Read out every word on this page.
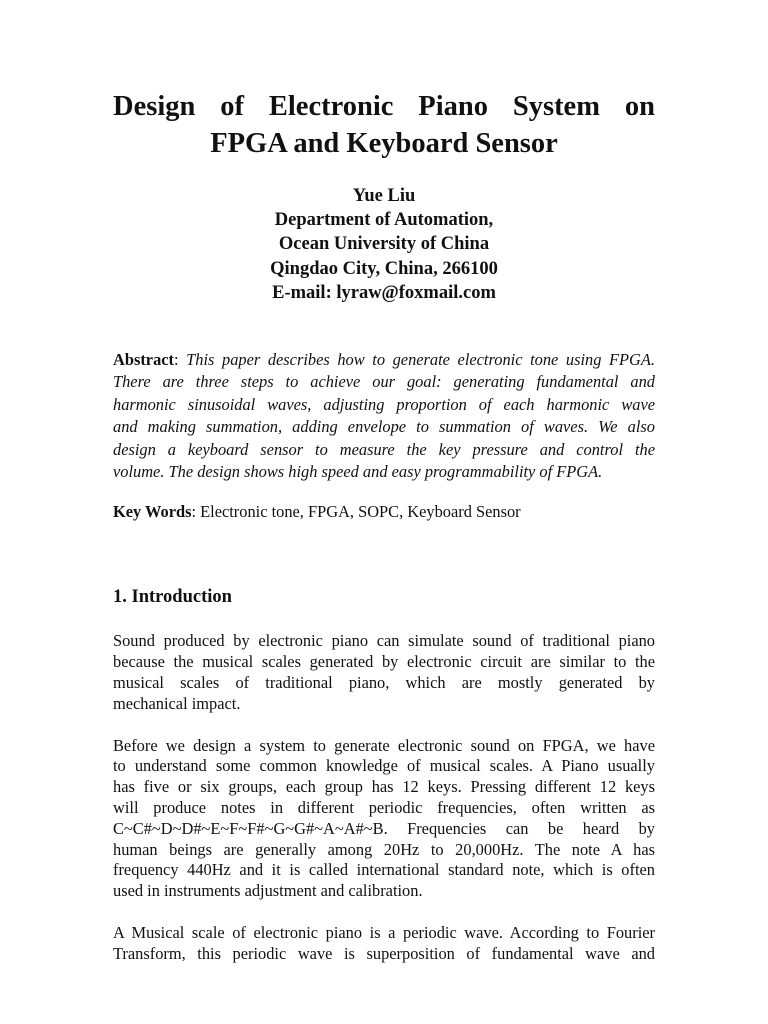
Design of Electronic Piano System on
FPGA and Keyboard Sensor
Yue Liu
Department of Automation,
Ocean University of China
Qingdao City, China, 266100
E-mail: lyraw@foxmail.com
Abstract: This paper describes how to generate electronic tone using FPGA.
There are three steps to achieve our goal: generating fundamental and
harmonic sinusoidal waves, adjusting proportion of each harmonic wave
and making summation, adding envelope to summation of waves. We also
design a keyboard sensor to measure the key pressure and control the
volume. The design shows high speed and easy programmability of FPGA.
Key Words: Electronic tone, FPGA, SOPC, Keyboard Sensor
1. Introduction

Sound produced by electronic piano can simulate sound of traditional piano
because the musical scales generated by electronic circuit are similar to the
musical scales of traditional piano, which are mostly generated by
mechanical impact.

Before we design a system to generate electronic sound on FPGA, we have
to understand some common knowledge of musical scales. A Piano usually
has five or six groups, each group has 12 keys. Pressing different 12 keys
will produce notes in different periodic frequencies, often written as
C~C#~D~D#~E~F~F#~G~G#~A~A#~B. Frequencies can be heard by
human beings are generally among 20Hz to 20,000Hz. The note A has
frequency 440Hz and it is called international standard note, which is often
used in instruments adjustment and calibration.

A Musical scale of electronic piano is a periodic wave. According to Fourier
Transform, this periodic wave is superposition of fundamental wave and
